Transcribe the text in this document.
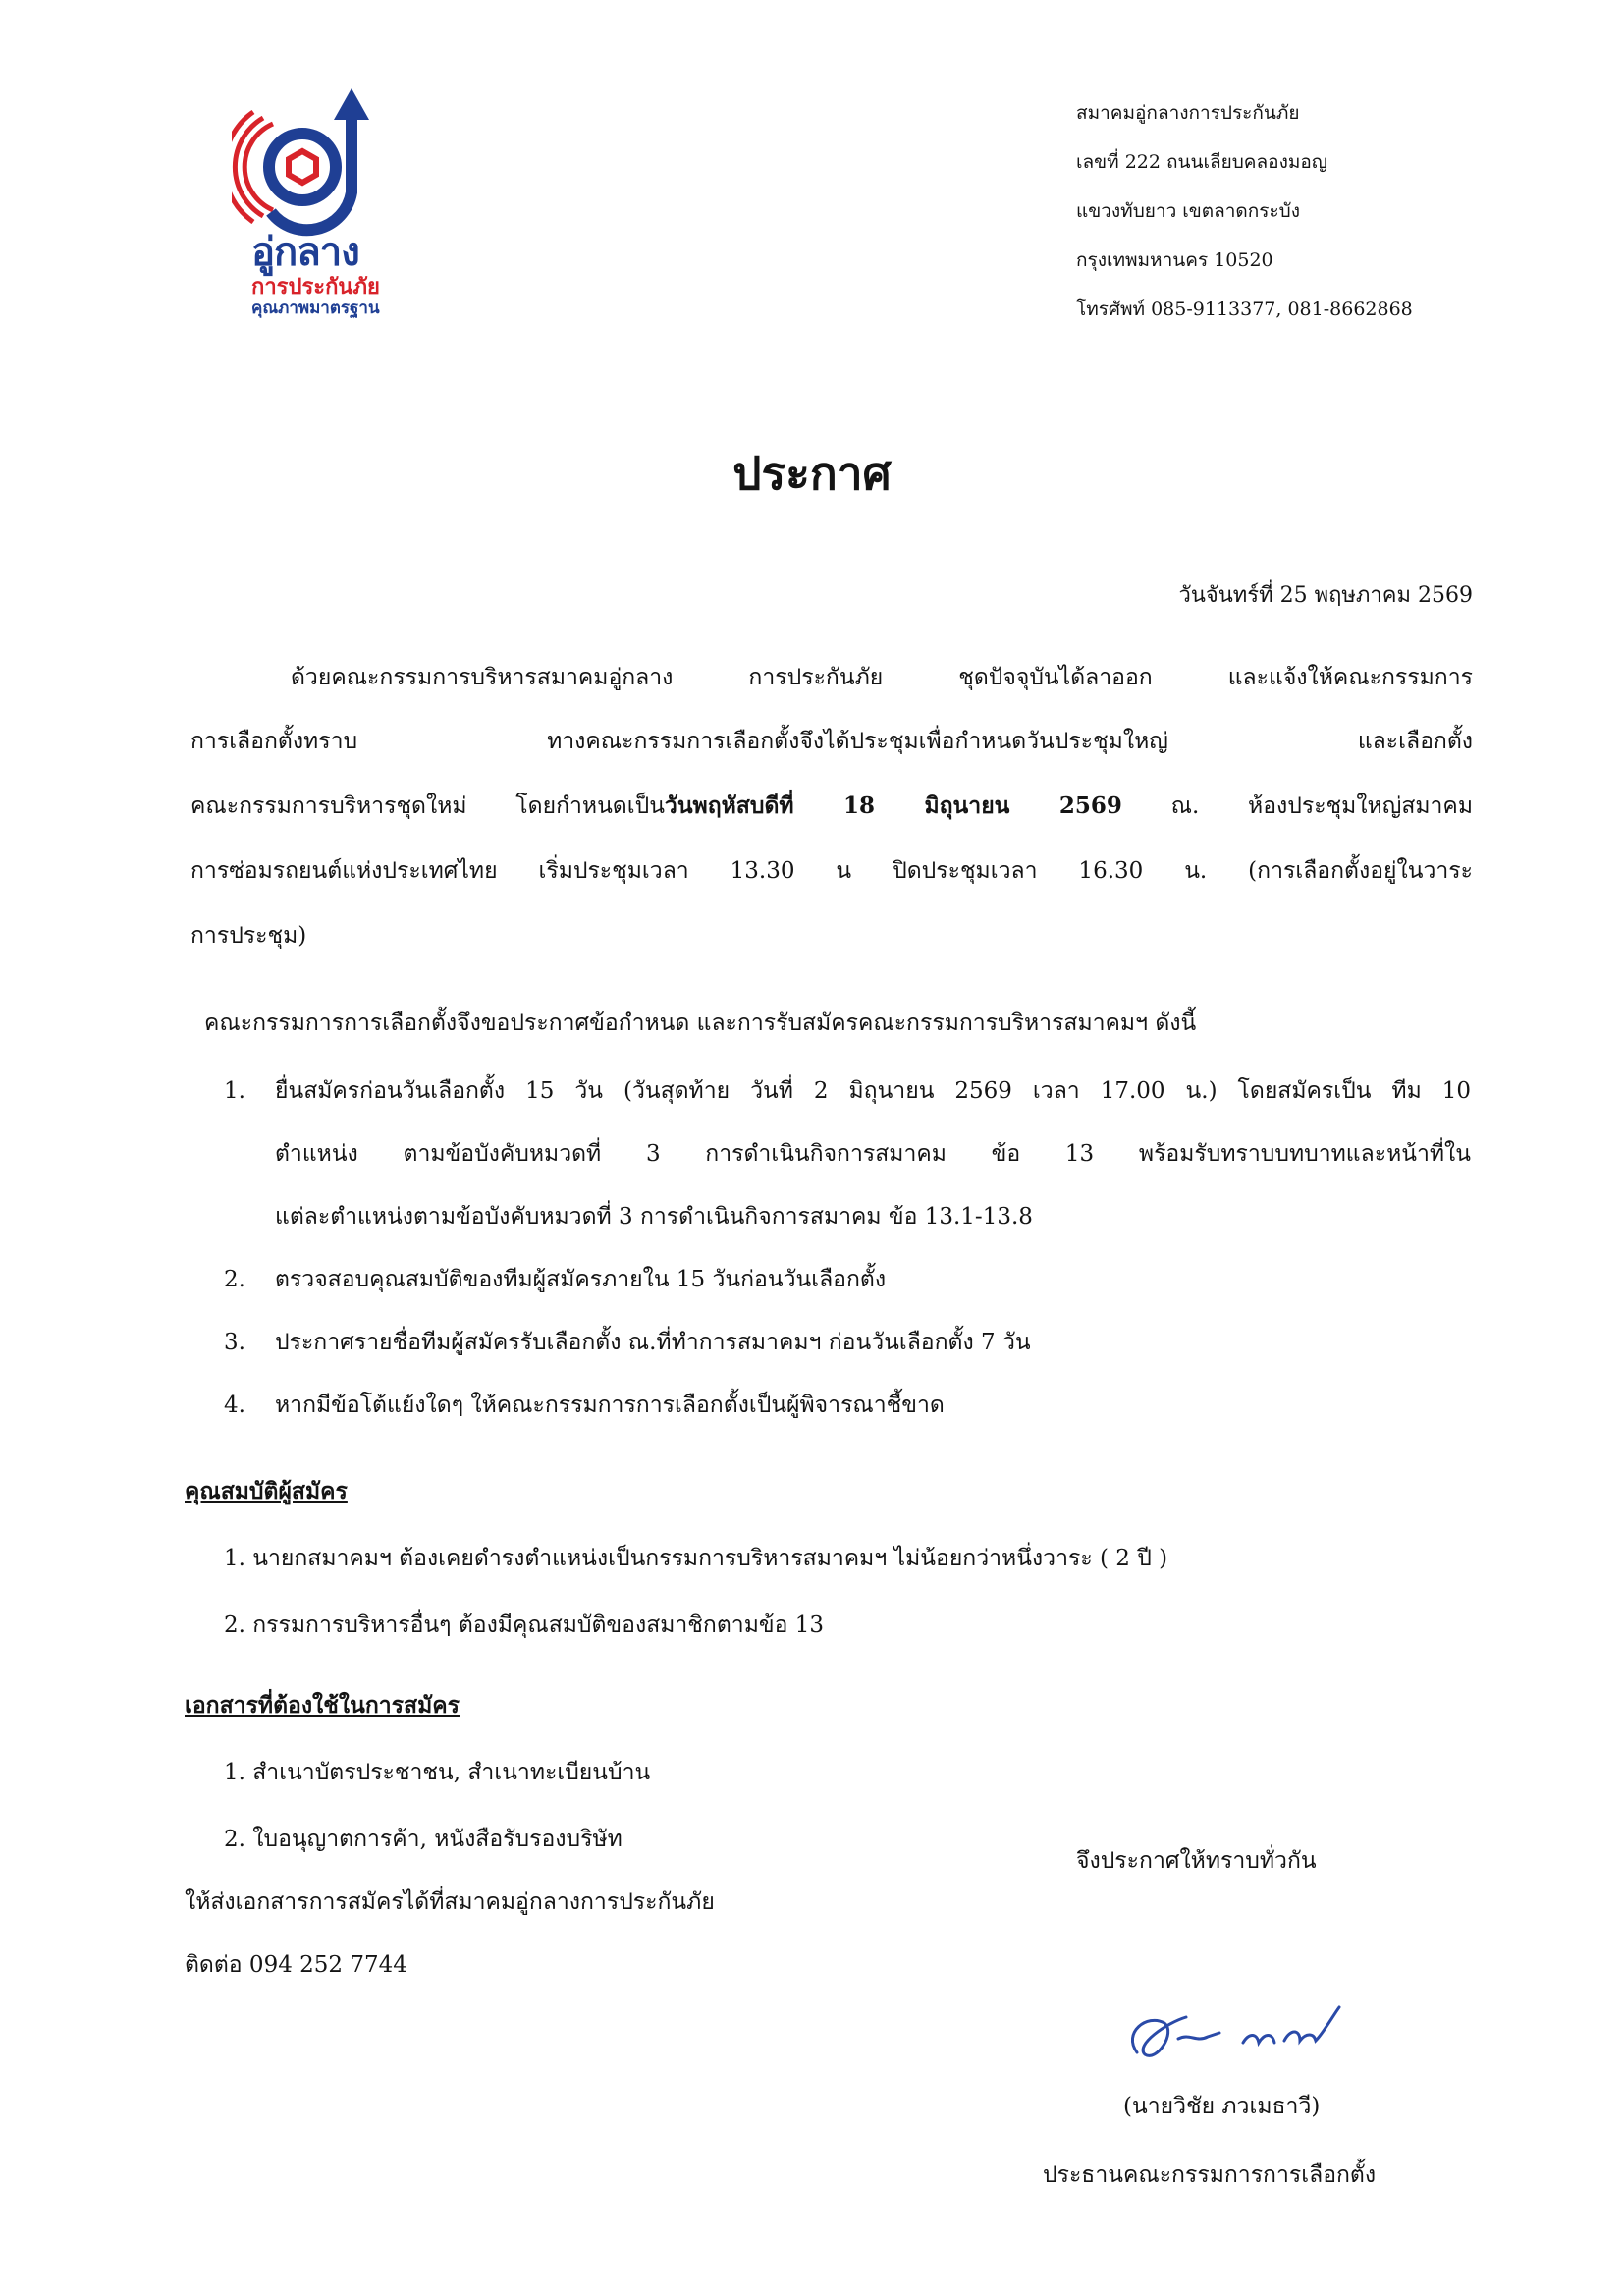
อู่กลาง
การประกันภัย
คุณภาพมาตรฐาน
สมาคมอู่กลางการประกันภัย
เลขที่ 222 ถนนเลียบคลองมอญ
แขวงทับยาว เขตลาดกระบัง
กรุงเทพมหานคร 10520
โทรศัพท์ 085-9113377, 081-8662868
ประกาศ
วันจันทร์ที่ 25 พฤษภาคม 2569
ด้วยคณะกรรมการบริหารสมาคมอู่กลาง การประกันภัย ชุดปัจจุบันได้ลาออก และแจ้งให้คณะกรรมการ
การเลือกตั้งทราบ ทางคณะกรรมการเลือกตั้งจึงได้ประชุมเพื่อกำหนดวันประชุมใหญ่ และเลือกตั้ง
คณะกรรมการบริหารชุดใหม่ โดยกำหนดเป็นวันพฤหัสบดีที่ 18 มิถุนายน 2569 ณ. ห้องประชุมใหญ่สมาคม
การซ่อมรถยนต์แห่งประเทศไทย เริ่มประชุมเวลา 13.30 น ปิดประชุมเวลา 16.30 น. (การเลือกตั้งอยู่ในวาระ
การประชุม)
คณะกรรมการการเลือกตั้งจึงขอประกาศข้อกำหนด และการรับสมัครคณะกรรมการบริหารสมาคมฯ ดังนี้
1. ยื่นสมัครก่อนวันเลือกตั้ง 15 วัน (วันสุดท้าย วันที่ 2 มิถุนายน 2569 เวลา 17.00 น.) โดยสมัครเป็น ทีม 10
ตำแหน่ง ตามข้อบังคับหมวดที่ 3 การดำเนินกิจการสมาคม ข้อ 13 พร้อมรับทราบบทบาทและหน้าที่ใน
แต่ละตำแหน่งตามข้อบังคับหมวดที่ 3 การดำเนินกิจการสมาคม ข้อ 13.1-13.8
2. ตรวจสอบคุณสมบัติของทีมผู้สมัครภายใน 15 วันก่อนวันเลือกตั้ง
3. ประกาศรายชื่อทีมผู้สมัครรับเลือกตั้ง ณ.ที่ทำการสมาคมฯ ก่อนวันเลือกตั้ง 7 วัน
4. หากมีข้อโต้แย้งใดๆ ให้คณะกรรมการการเลือกตั้งเป็นผู้พิจารณาชี้ขาด
คุณสมบัติผู้สมัคร
1. นายกสมาคมฯ ต้องเคยดำรงตำแหน่งเป็นกรรมการบริหารสมาคมฯ ไม่น้อยกว่าหนึ่งวาระ ( 2 ปี )
2. กรรมการบริหารอื่นๆ ต้องมีคุณสมบัติของสมาชิกตามข้อ 13
เอกสารที่ต้องใช้ในการสมัคร
1. สำเนาบัตรประชาชน, สำเนาทะเบียนบ้าน
2. ใบอนุญาตการค้า, หนังสือรับรองบริษัท
ให้ส่งเอกสารการสมัครได้ที่สมาคมอู่กลางการประกันภัย
ติดต่อ 094 252 7744
จึงประกาศให้ทราบทั่วกัน
(นายวิชัย ภวเมธาวี)
ประธานคณะกรรมการการเลือกตั้ง
